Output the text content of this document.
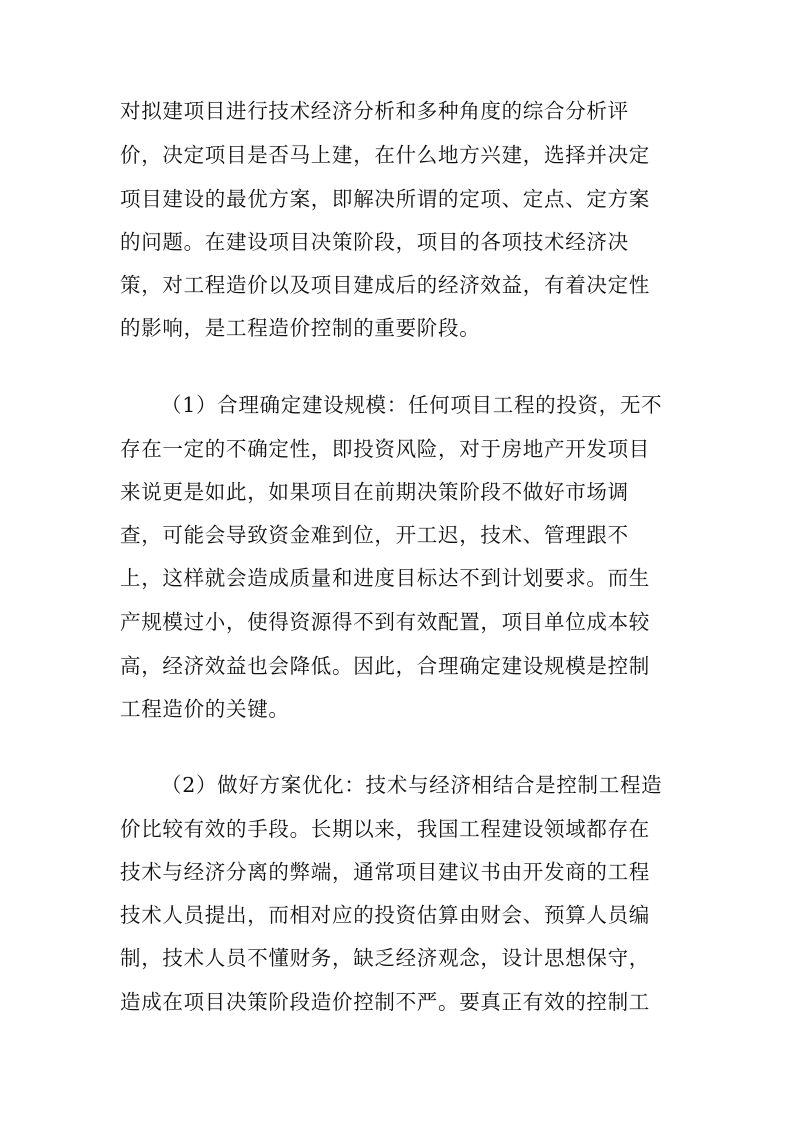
对拟建项目进行技术经济分析和多种角度的综合分析评
价，决定项目是否马上建，在什么地方兴建，选择并决定
项目建设的最优方案，即解决所谓的定项、定点、定方案
的问题。在建设项目决策阶段，项目的各项技术经济决
策，对工程造价以及项目建成后的经济效益，有着决定性
的影响，是工程造价控制的重要阶段。
（1）合理确定建设规模：任何项目工程的投资，无不
存在一定的不确定性，即投资风险，对于房地产开发项目
来说更是如此，如果项目在前期决策阶段不做好市场调
查，可能会导致资金难到位，开工迟，技术、管理跟不
上，这样就会造成质量和进度目标达不到计划要求。而生
产规模过小，使得资源得不到有效配置，项目单位成本较
高，经济效益也会降低。因此，合理确定建设规模是控制
工程造价的关键。
（2）做好方案优化：技术与经济相结合是控制工程造
价比较有效的手段。长期以来，我国工程建设领域都存在
技术与经济分离的弊端，通常项目建议书由开发商的工程
技术人员提出，而相对应的投资估算由财会、预算人员编
制，技术人员不懂财务，缺乏经济观念，设计思想保守，
造成在项目决策阶段造价控制不严。要真正有效的控制工
